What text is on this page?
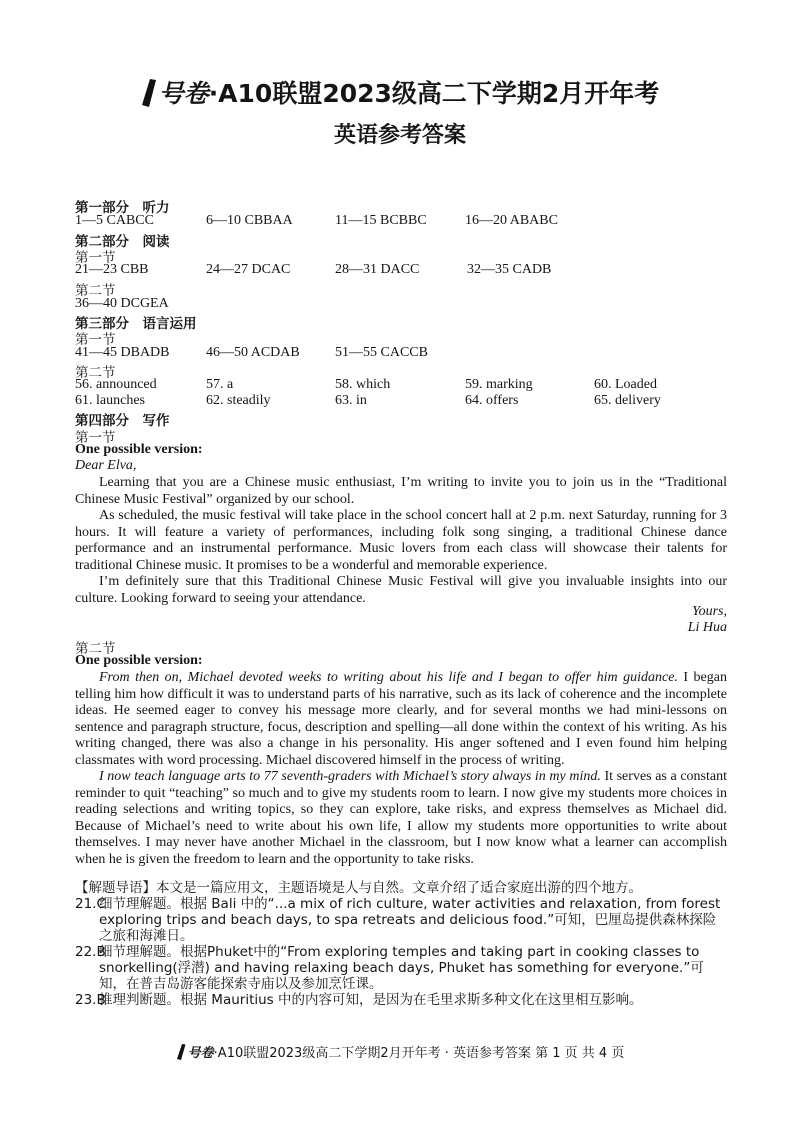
号卷·A10联盟2023级高二下学期2月开年考
英语参考答案
第一部分　听力
1—5 CABCC	6—10 CBBAA	11—15 BCBBC	16—20 ABABC
第二部分　阅读
第一节
21—23 CBB	24—27 DCAC	28—31 DACC	32—35 CADB
第二节
36—40 DCGEA
第三部分　语言运用
第一节
41—45 DBADB	46—50 ACDAB	51—55 CACCB
第二节
56. announced	57. a	58. which	59. marking	60. Loaded
61. launches	62. steadily	63. in	64. offers	65. delivery
第四部分　写作
第一节
One possible version:
Dear Elva,

Learning that you are a Chinese music enthusiast, I’m writing to invite you to join us in the “Traditional Chinese Music Festival” organized by our school.

As scheduled, the music festival will take place in the school concert hall at 2 p.m. next Saturday, running for 3 hours. It will feature a variety of performances, including folk song singing, a traditional Chinese dance performance and an instrumental performance. Music lovers from each class will showcase their talents for traditional Chinese music. It promises to be a wonderful and memorable experience.

I’m definitely sure that this Traditional Chinese Music Festival will give you invaluable insights into our culture. Looking forward to seeing your attendance.

Yours,
Li Hua
第二节
One possible version:

From then on, Michael devoted weeks to writing about his life and I began to offer him guidance. I began telling him how difficult it was to understand parts of his narrative, such as its lack of coherence and the incomplete ideas. He seemed eager to convey his message more clearly, and for several months we had mini-lessons on sentence and paragraph structure, focus, description and spelling—all done within the context of his writing. As his writing changed, there was also a change in his personality. His anger softened and I even found him helping classmates with word processing. Michael discovered himself in the process of writing.

I now teach language arts to 77 seventh-graders with Michael’s story always in my mind. It serves as a constant reminder to quit “teaching” so much and to give my students room to learn. I now give my students more choices in reading selections and writing topics, so they can explore, take risks, and express themselves as Michael did. Because of Michael’s need to write about his own life, I allow my students more opportunities to write about themselves. I may never have another Michael in the classroom, but I now know what a learner can accomplish when he is given the freedom to learn and the opportunity to take risks.

【解题导语】本文是一篇应用文，主题语境是人与自然。文章介绍了适合家庭出游的四个地方。

21.C
细节理解题。根据 Bali 中的“...a mix of rich culture, water activities and relaxation, from forest exploring trips and beach days, to spa retreats and delicious food.”可知，巴厘岛提供森林探险之旅和海滩日。

22.B
细节理解题。根据Phuket中的“From exploring temples and taking part in cooking classes to snorkelling(浮潜) and having relaxing beach days, Phuket has something for everyone.”可知，在普吉岛游客能探索寺庙以及参加烹饪课。

23.B
推理判断题。根据 Mauritius 中的内容可知，是因为在毛里求斯多种文化在这里相互影响。

号卷·A10联盟2023级高二下学期2月开年考 · 英语参考答案 第 1 页 共 4 页
